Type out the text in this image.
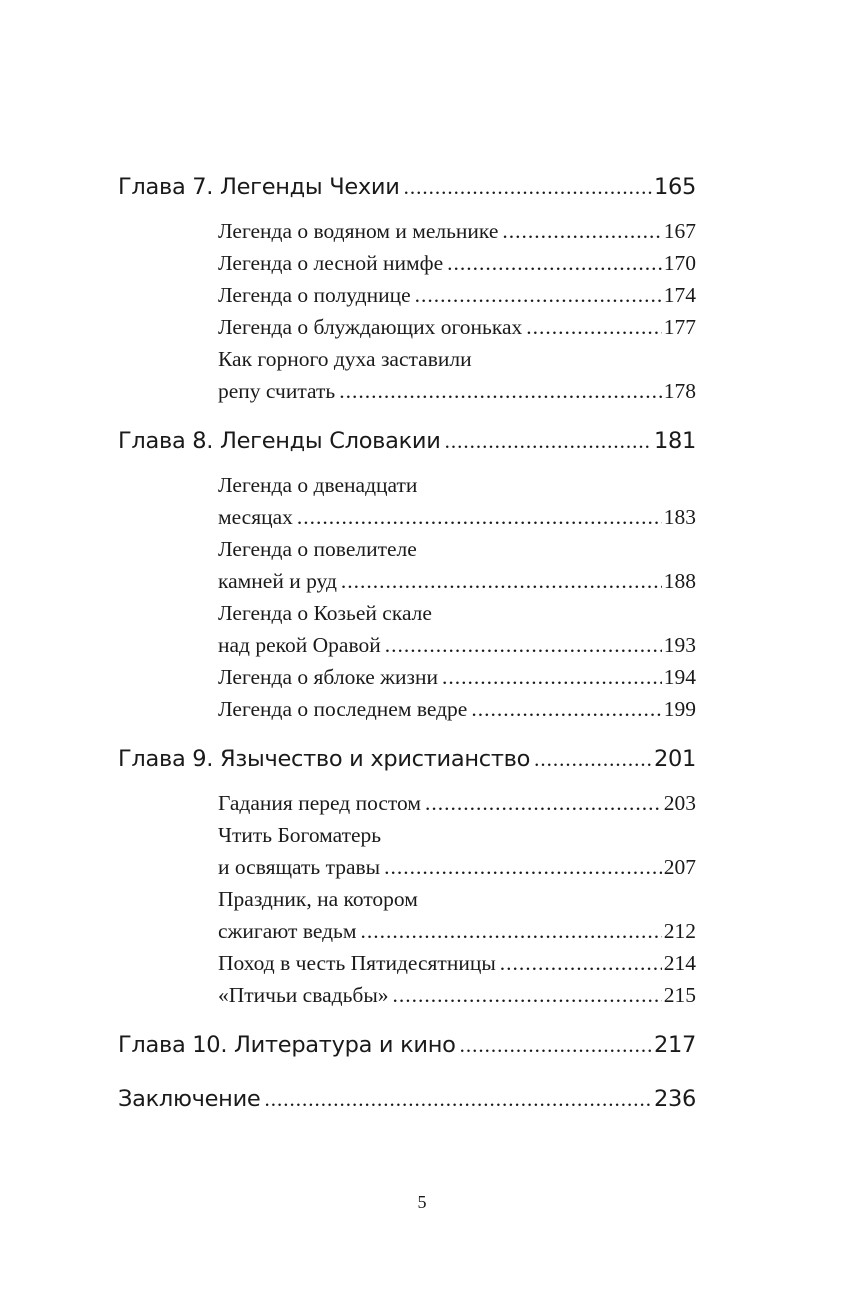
Глава 7. Легенды Чехии .....	165
Легенда о водяном и мельнике .....	167
Легенда о лесной нимфе .....	170
Легенда о полуднице .....	174
Легенда о блуждающих огоньках .....	177
Как горного духа заставили
репу считать .....	178
Глава 8. Легенды Словакии .....	181
Легенда о двенадцати
месяцах .....	183
Легенда о повелителе
камней и руд .....	188
Легенда о Козьей скале
над рекой Оравой .....	193
Легенда о яблоке жизни .....	194
Легенда о последнем ведре .....	199
Глава 9. Язычество и христианство .....	201
Гадания перед постом .....	203
Чтить Богоматерь
и освящать травы .....	207
Праздник, на котором
сжигают ведьм .....	212
Поход в честь Пятидесятницы .....	214
«Птичьи свадьбы» .....	215
Глава 10. Литература и кино .....	217
Заключение .....	236
5
